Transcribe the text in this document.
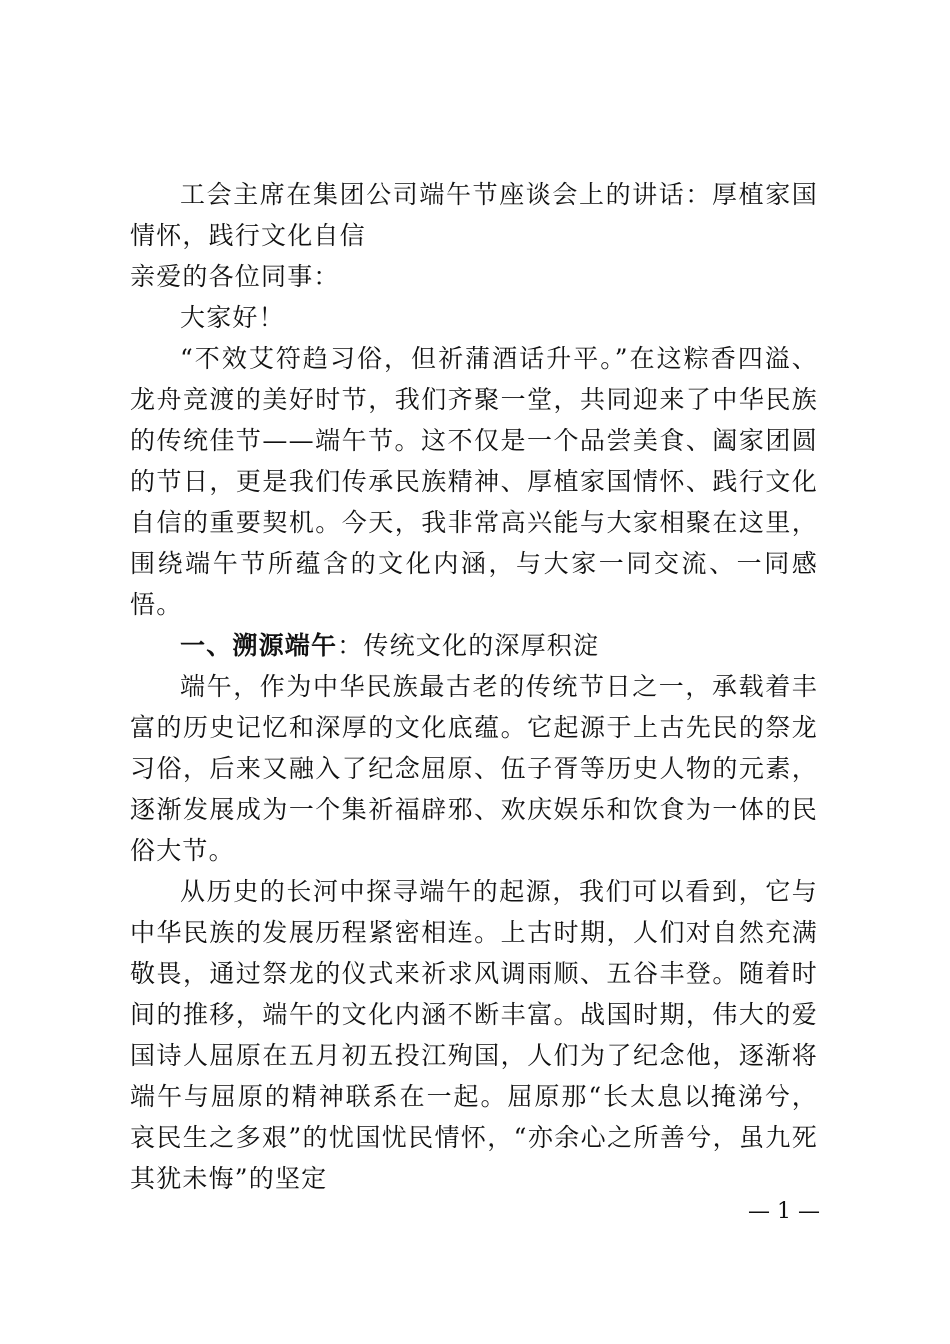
工会主席在集团公司端午节座谈会上的讲话：厚植家国情怀，践行文化自信

亲爱的各位同事：

大家好！

“不效艾符趋习俗，但祈蒲酒话升平。”在这粽香四溢、龙舟竞渡的美好时节，我们齐聚一堂，共同迎来了中华民族的传统佳节——端午节。这不仅是一个品尝美食、阖家团圆的节日，更是我们传承民族精神、厚植家国情怀、践行文化自信的重要契机。今天，我非常高兴能与大家相聚在这里，围绕端午节所蕴含的文化内涵，与大家一同交流、一同感悟。

一、溯源端午：传统文化的深厚积淀

端午，作为中华民族最古老的传统节日之一，承载着丰富的历史记忆和深厚的文化底蕴。它起源于上古先民的祭龙习俗，后来又融入了纪念屈原、伍子胥等历史人物的元素，逐渐发展成为一个集祈福辟邪、欢庆娱乐和饮食为一体的民俗大节。

从历史的长河中探寻端午的起源，我们可以看到，它与中华民族的发展历程紧密相连。上古时期，人们对自然充满敬畏，通过祭龙的仪式来祈求风调雨顺、五谷丰登。随着时间的推移，端午的文化内涵不断丰富。战国时期，伟大的爱国诗人屈原在五月初五投江殉国，人们为了纪念他，逐渐将端午与屈原的精神联系在一起。屈原那“长太息以掩涕兮，哀民生之多艰”的忧国忧民情怀，“亦余心之所善兮，虽九死其犹未悔”的坚定

— 1 —
